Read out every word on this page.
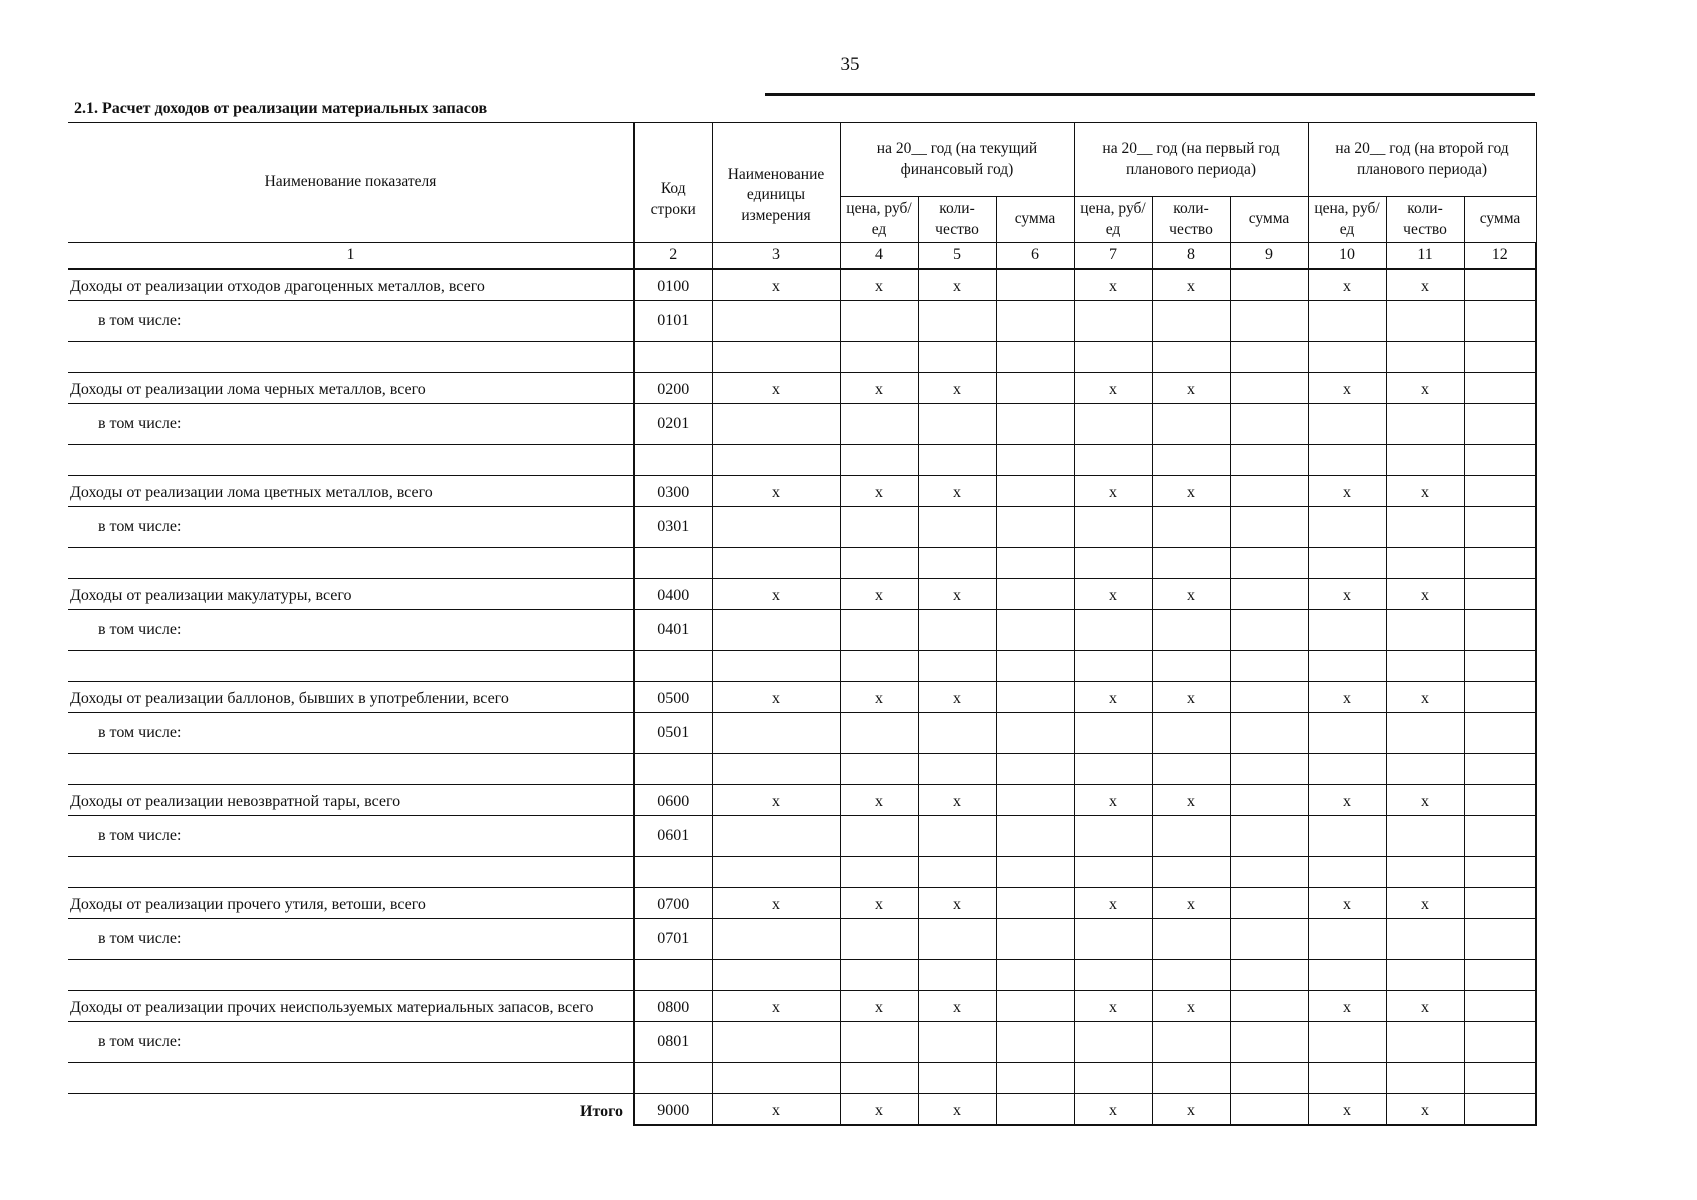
35
2.1. Расчет доходов от реализации материальных запасов
Наименование показателя	Код строки	Наименование единицы измерения	на 20__ год (на текущий финансовый год)			на 20__ год (на первый год планового периода)			на 20__ год (на второй год планового периода)		
			цена, руб/ед	коли-чество	сумма	цена, руб/ед	коли-чество	сумма	цена, руб/ед	коли-чество	сумма
1	2	3	4	5	6	7	8	9	10	11	12
Доходы от реализации отходов драгоценных металлов, всего	0100	x	x	x		x	x		x	x	

в том числе:	0101										

Доходы от реализации лома черных металлов, всего	0200	x	x	x		x	x		x	x	

в том числе:	0201										

Доходы от реализации лома цветных металлов, всего	0300	x	x	x		x	x		x	x	

в том числе:	0301										

Доходы от реализации макулатуры, всего	0400	x	x	x		x	x		x	x	

в том числе:	0401										

Доходы от реализации баллонов, бывших в употреблении, всего	0500	x	x	x		x	x		x	x	

в том числе:	0501										

Доходы от реализации невозвратной тары, всего	0600	x	x	x		x	x		x	x	

в том числе:	0601										

Доходы от реализации прочего утиля, ветоши, всего	0700	x	x	x		x	x		x	x	

в том числе:	0701										

Доходы от реализации прочих неиспользуемых материальных запасов, всего	0800	x	x	x		x	x		x	x	

в том числе:	0801										

Итого	9000	x	x	x		x	x		x	x	
